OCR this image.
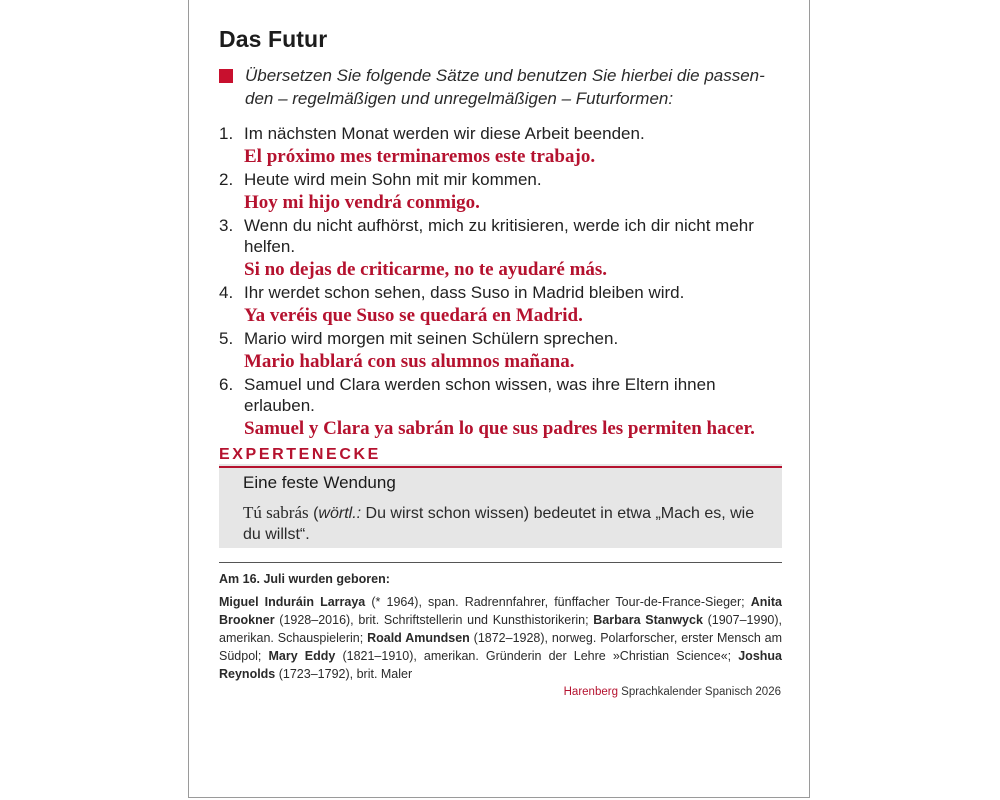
Das Futur

Übersetzen Sie folgende Sätze und benutzen Sie hierbei die passen-den – regelmäßigen und unregelmäßigen – Futurformen:

1. Im nächsten Monat werden wir diese Arbeit beenden.
El próximo mes terminaremos este trabajo.
2. Heute wird mein Sohn mit mir kommen.
Hoy mi hijo vendrá conmigo.
3. Wenn du nicht aufhörst, mich zu kritisieren, werde ich dir nicht mehr helfen.
Si no dejas de criticarme, no te ayudaré más.
4. Ihr werdet schon sehen, dass Suso in Madrid bleiben wird.
Ya veréis que Suso se quedará en Madrid.
5. Mario wird morgen mit seinen Schülern sprechen.
Mario hablará con sus alumnos mañana.
6. Samuel und Clara werden schon wissen, was ihre Eltern ihnen erlauben.
Samuel y Clara ya sabrán lo que sus padres les permiten hacer.
EXPERTENECKE
Eine feste Wendung

Tú sabrás (wörtl.: Du wirst schon wissen) bedeutet in etwa „Mach es, wie du willst“.

Am 16. Juli wurden geboren:
Miguel Induráin Larraya (* 1964), span. Radrennfahrer, fünffacher Tour-de-France-Sieger; Anita Brookner (1928–2016), brit. Schriftstellerin und Kunsthistorikerin; Barbara Stanwyck (1907–1990), amerikan. Schauspielerin; Roald Amundsen (1872–1928), norweg. Polarforscher, erster Mensch am Südpol; Mary Eddy (1821–1910), amerikan. Gründerin der Lehre »Christian Science«; Joshua Reynolds (1723–1792), brit. Maler
Harenberg Sprachkalender Spanisch 2026
